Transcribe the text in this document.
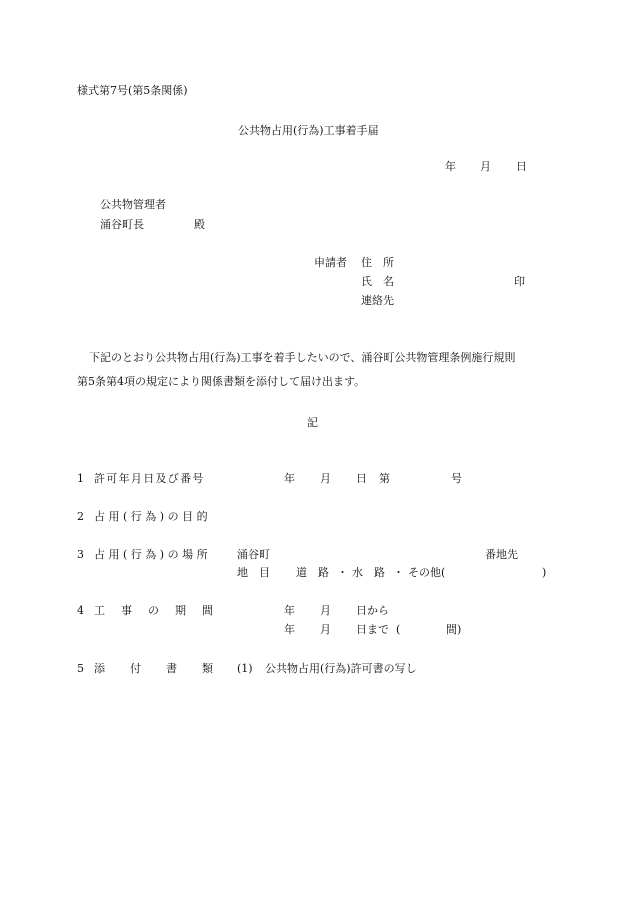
様式第7号(第5条関係)
公共物占用(行為)工事着手届
年 月 日
公共物管理者
涌谷町長	殿
申請者 住　所
氏　名	印
連絡先
下記のとおり公共物占用(行為)工事を着手したいので、涌谷町公共物管理条例施行規則
第5条第4項の規定により関係書類を添付して届け出ます。
記
1 許可年月日及び番号	年 月 日 第	号
2 占用(行為)の目的
3 占用(行為)の場所 涌谷町	番地先
地　目 道　路 ・ 水　路 ・ その他(	)
4 工事の期間	年 月 日から
年 月 日まで (	間)
5 添付書類 (1) 公共物占用(行為)許可書の写し
